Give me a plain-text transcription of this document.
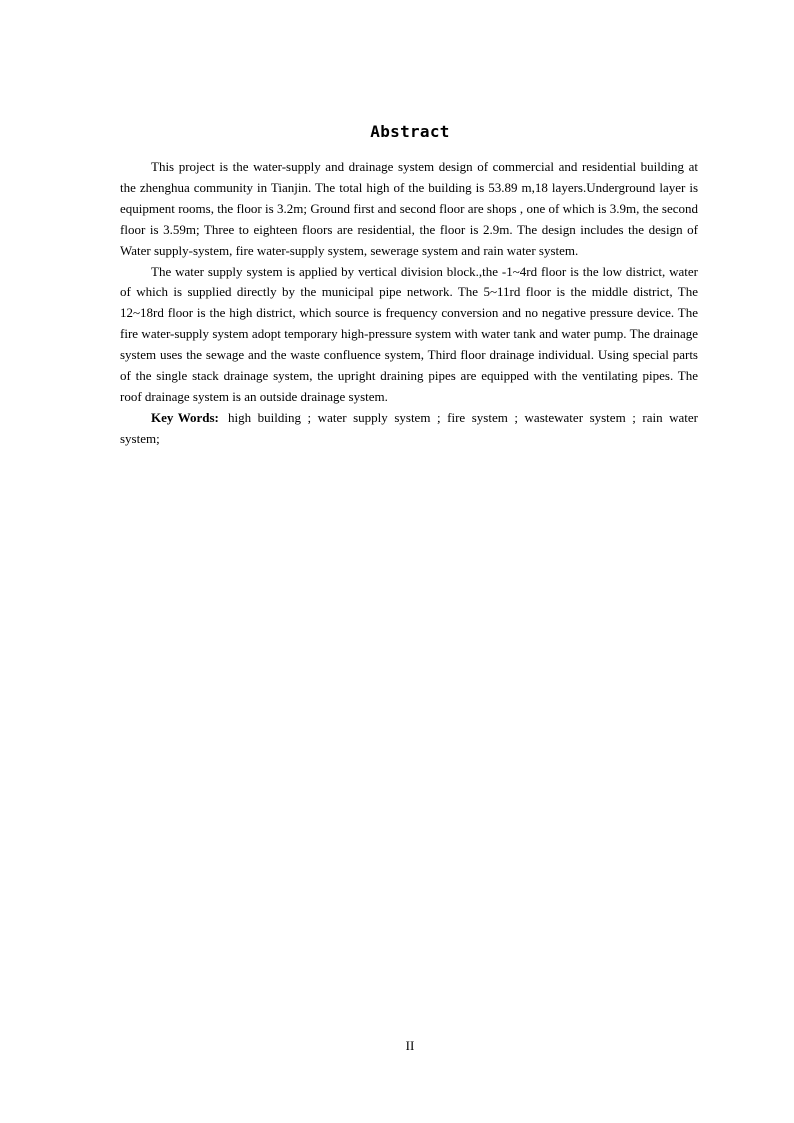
Abstract

This project is the water-supply and drainage system design of commercial and residential building at the zhenghua community in Tianjin. The total high of the building is 53.89 m,18 layers.Underground layer is equipment rooms, the floor is 3.2m; Ground first and second floor are shops , one of which is 3.9m, the second floor is 3.59m; Three to eighteen floors are residential, the floor is 2.9m. The design includes the design of Water supply-system, fire water-supply system, sewerage system and rain water system.

The water supply system is applied by vertical division block.,the -1~4rd floor is the low district, water of which is supplied directly by the municipal pipe network. The 5~11rd floor is the middle district, The 12~18rd floor is the high district, which source is frequency conversion and no negative pressure device. The fire water-supply system adopt temporary high-pressure system with water tank and water pump. The drainage system uses the sewage and the waste confluence system, Third floor drainage individual. Using special parts of the single stack drainage system, the upright draining pipes are equipped with the ventilating pipes. The roof drainage system is an outside drainage system.

Key Words: high building ; water supply system ; fire system ; wastewater system ; rain water system;

II
